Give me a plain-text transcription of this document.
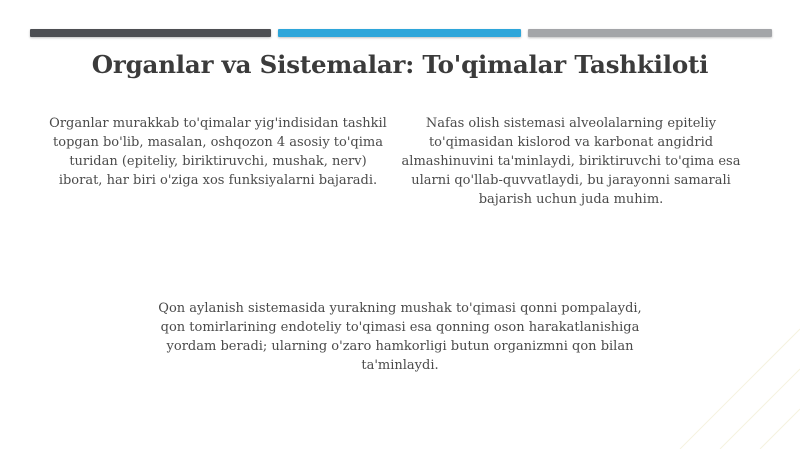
Organlar va Sistemalar: To'qimalar Tashkiloti
Organlar murakkab to'qimalar yig'indisidan tashkil topgan bo'lib, masalan, oshqozon 4 asosiy to'qima turidan (epiteliy, biriktiruvchi, mushak, nerv) iborat, har biri o'ziga xos funksiyalarni bajaradi.
Nafas olish sistemasi alveolalarning epiteliy to'qimasidan kislorod va karbonat angidrid almashinuvini ta'minlaydi, biriktiruvchi to'qima esa ularni qo'llab-quvvatlaydi, bu jarayonni samarali bajarish uchun juda muhim.
Qon aylanish sistemasida yurakning mushak to'qimasi qonni pompalaydi, qon tomirlarining endoteliy to'qimasi esa qonning oson harakatlanishiga yordam beradi; ularning o'zaro hamkorligi butun organizmni qon bilan ta'minlaydi.
